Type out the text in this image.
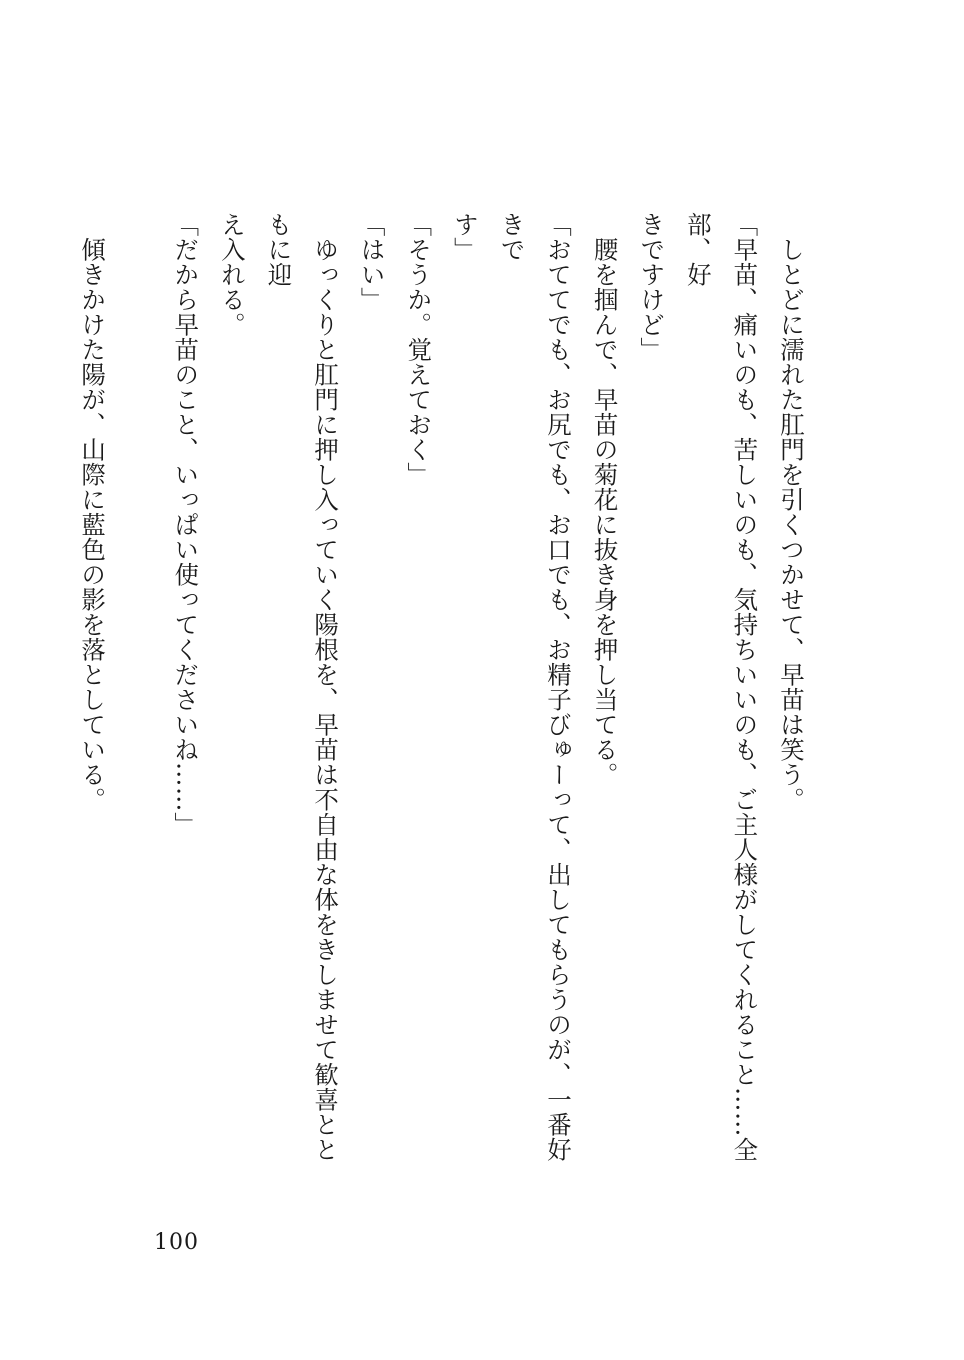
　しとどに濡れた肛門を引くつかせて、早苗は笑う。
「早苗、痛いのも、苦しいのも、気持ちいいのも、ご主人様がしてくれること……全部、好
きですけど」
　腰を掴んで、早苗の菊花に抜き身を押し当てる。
「おててでも、お尻でも、お口でも、お精子びゅーって、出してもらうのが、一番好きで
す」
「そうか。覚えておく」
「はい」
　ゆっくりと肛門に押し入っていく陽根を、早苗は不自由な体をきしませて歓喜とともに迎
え入れる。
「だから早苗のこと、いっぱい使ってくださいね……」

　傾きかけた陽が、山際に藍色の影を落としている。
100
